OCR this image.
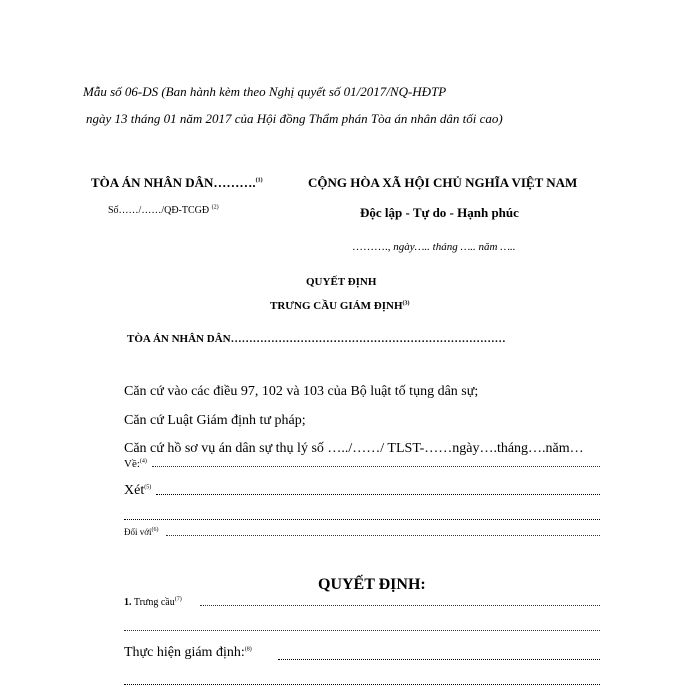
Mẫu số 06-DS (Ban hành kèm theo Nghị quyết số 01/2017/NQ-HĐTP
ngày 13 tháng 01 năm 2017 của Hội đồng Thẩm phán Tòa án nhân dân tối cao)
TÒA ÁN NHÂN DÂN……….$^{(1)}$	CỘNG HÒA XÃ HỘI CHỦ NGHĨA VIỆT NAM
Số……/……/QĐ-TCGĐ $^{(2)}$	Độc lập - Tự do - Hạnh phúc
………., ngày….. tháng ….. năm …..
QUYẾT ĐỊNH
TRƯNG CẦU GIÁM ĐỊNH$^{(3)}$
TÒA ÁN NHÂN DÂN…………………………………………………………………
Căn cứ vào các điều 97, 102 và 103 của Bộ luật tố tụng dân sự;
Căn cứ Luật Giám định tư pháp;
Căn cứ hồ sơ vụ án dân sự thụ lý số …../……/ TLST-……ngày….tháng….năm…
Về:$^{(4)}$
Xét$^{(5)}$
Đối với$^{(6)}$
QUYẾT ĐỊNH:
1. Trưng cầu$^{(7)}$
Thực hiện giám định:$^{(8)}$
